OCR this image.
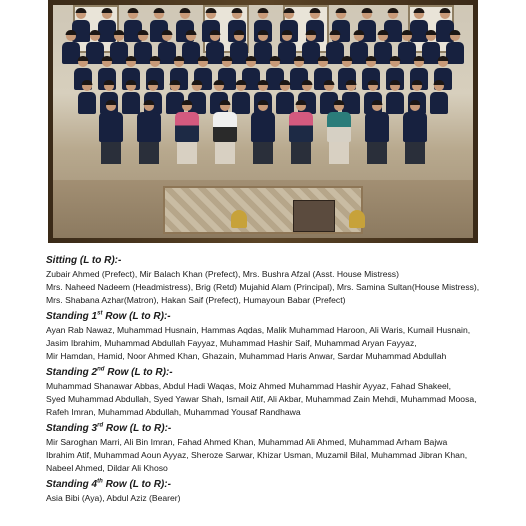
Sitting (L to R):-
Zubair Ahmed (Prefect), Mir Balach Khan (Prefect), Mrs. Bushra Afzal (Asst. House Mistress)
Mrs. Naheed Nadeem (Headmistress), Brig (Retd) Mujahid Alam (Principal), Mrs. Samina Sultan(House Mistress),
Mrs. Shabana Azhar(Matron), Hakan Saif (Prefect), Humayoun Babar (Prefect)
Standing 1st Row (L to R):-
Ayan Rab Nawaz, Muhammad Husnain, Hammas Aqdas, Malik Muhammad Haroon, Ali Waris, Kumail Husnain,
Jasim Ibrahim, Muhammad Abdullah Fayyaz, Muhammad Hashir Saif, Muhammad Aryan Fayyaz,
Mir Hamdan, Hamid, Noor Ahmed Khan, Ghazain, Muhammad Haris Anwar, Sardar Muhammad Abdullah
Standing 2nd Row (L to R):-
Muhammad Shanawar Abbas, Abdul Hadi Waqas, Moiz Ahmed Muhammad Hashir Ayyaz, Fahad Shakeel,
Syed Muhammad Abdullah, Syed Yawar Shah, Ismail Atif, Ali Akbar, Muhammad Zain Mehdi, Muhammad Moosa,
Rafeh Imran, Muhammad Abdullah, Muhammad Yousaf Randhawa
Standing 3rd Row (L to R):-
Mir Saroghan Marri, Ali Bin Imran, Fahad Ahmed Khan, Muhammad Ali Ahmed, Muhammad Arham Bajwa
Ibrahim Atif, Muhammad Aoun Ayyaz, Sheroze Sarwar, Khizar Usman, Muzamil Bilal, Muhammad Jibran Khan,
Nabeel Ahmed, Dildar Ali Khoso
Standing 4th Row (L to R):-
Asia Bibi (Aya), Abdul Aziz (Bearer)
